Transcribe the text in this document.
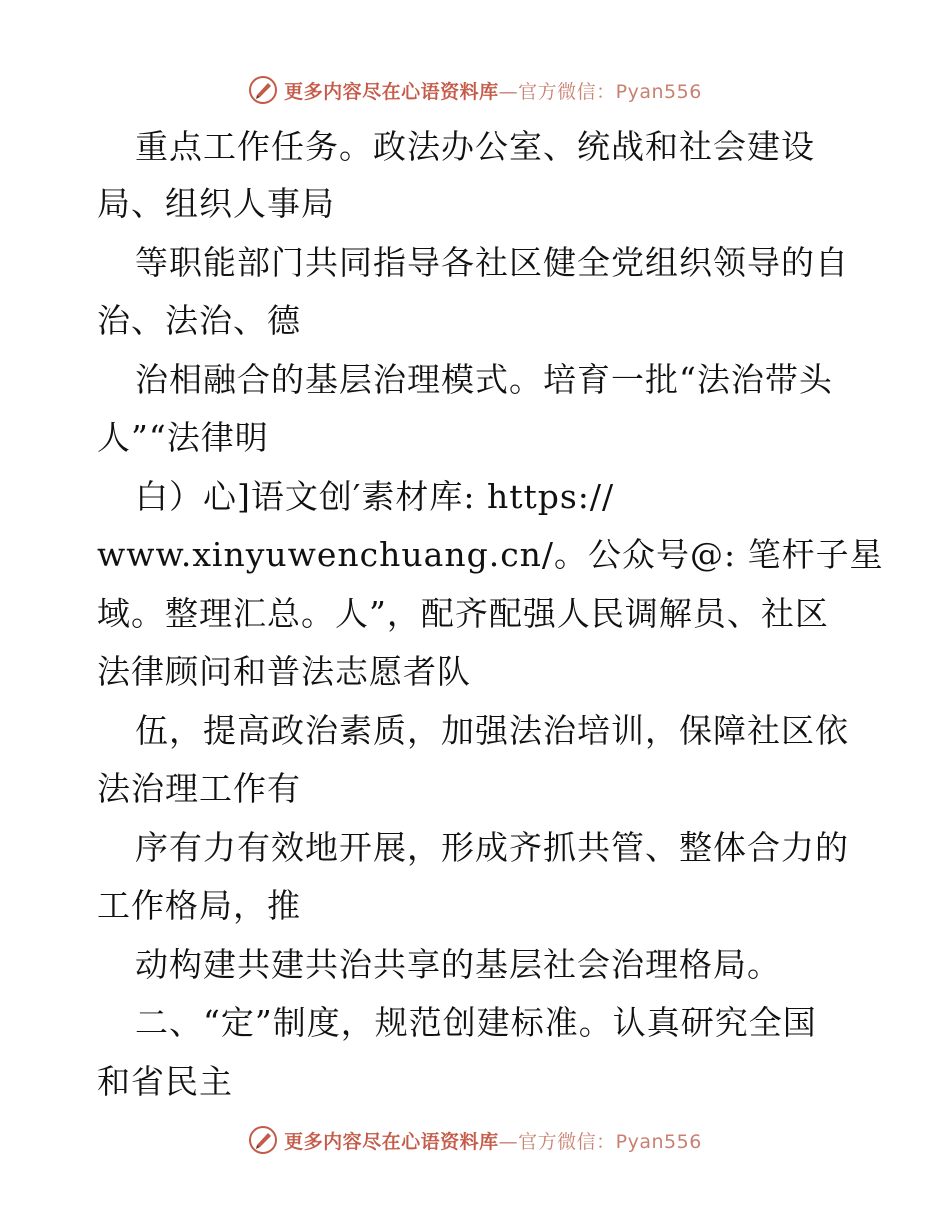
更多内容尽在心语资料库—官方微信：Pyan556
重点工作任务。政法办公室、统战和社会建设
局、组织人事局
等职能部门共同指导各社区健全党组织领导的自
治、法治、德
治相融合的基层治理模式。培育一批“法治带头
人”“法律明
白）心]语文创′素材库: https://
www.xinyuwenchuang.cn/。公众号@: 笔杆子星
域。整理汇总。人”，配齐配强人民调解员、社区
法律顾问和普法志愿者队
伍，提高政治素质，加强法治培训，保障社区依
法治理工作有
序有力有效地开展，形成齐抓共管、整体合力的
工作格局，推
动构建共建共治共享的基层社会治理格局。
二、“定”制度，规范创建标准。认真研究全国
和省民主
更多内容尽在心语资料库—官方微信：Pyan556
